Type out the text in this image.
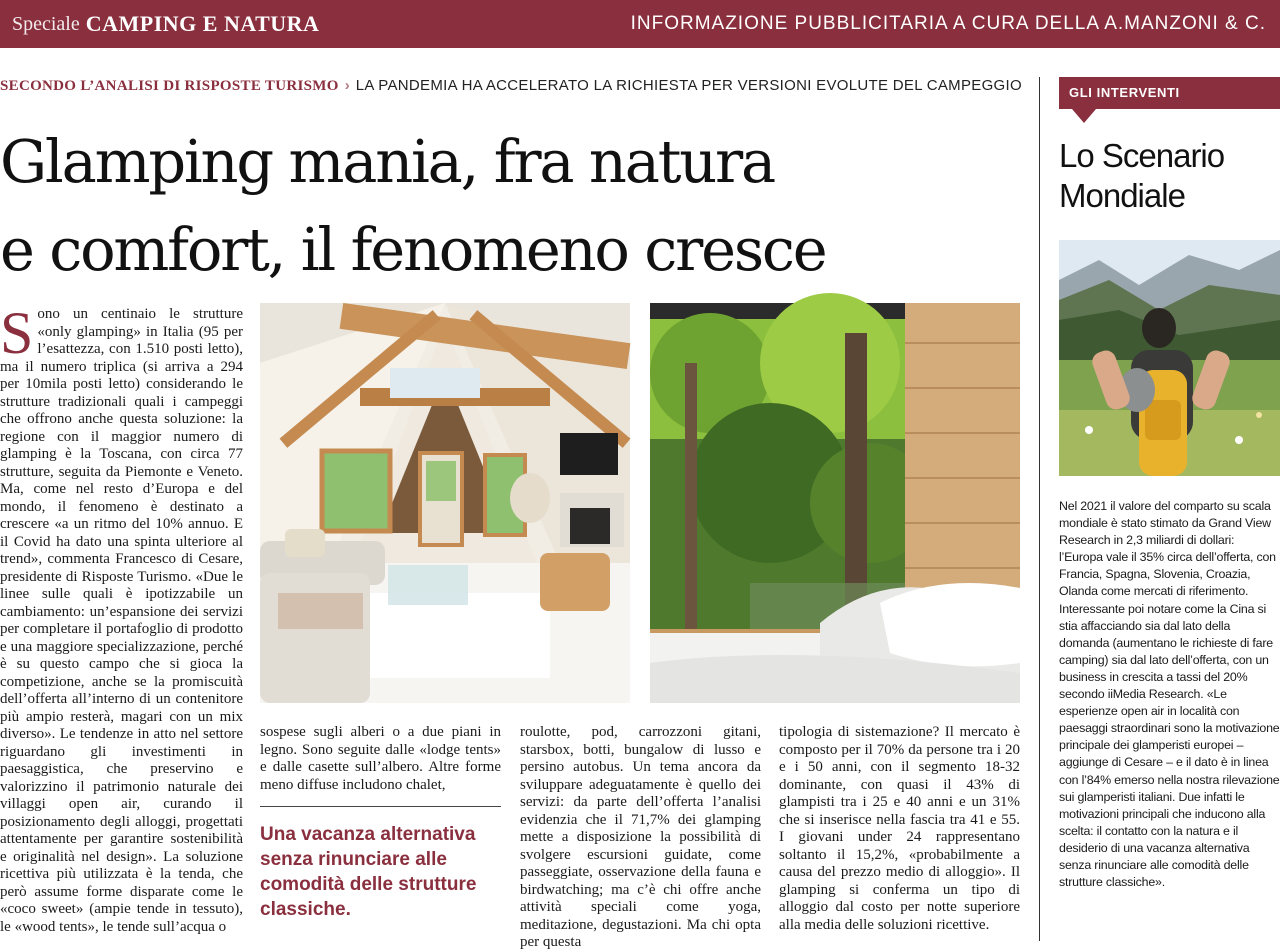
Speciale CAMPING E NATURA	INFORMAZIONE PUBBLICITARIA A CURA DELLA A.MANZONI & C.
SECONDO L’ANALISI DI RISPOSTE TURISMO › LA PANDEMIA HA ACCELERATO LA RICHIESTA PER VERSIONI EVOLUTE DEL CAMPEGGIO
Glamping mania, fra natura
e comfort, il fenomeno cresce
S ono un centinaio le strutture «only glamping» in Italia (95 per l’esattezza, con 1.510 posti letto), ma il numero triplica (si arriva a 294 per 10mila posti letto) considerando le strutture tradizionali quali i campeggi che offrono anche questa soluzione: la regione con il maggior numero di glamping è la Toscana, con circa 77 strutture, seguita da Piemonte e Veneto. Ma, come nel resto d’Europa e del mondo, il fenomeno è destinato a crescere «a un ritmo del 10% annuo. E il Covid ha dato una spinta ulteriore al trend», commenta Francesco di Cesare, presidente di Risposte Turismo. «Due le linee sulle quali è ipotizzabile un cambiamento: un’espansione dei servizi per completare il portafoglio di prodotto e una maggiore specializzazione, perché è su questo campo che si gioca la competizione, anche se la promiscuità dell’offerta all’interno di un contenitore più ampio resterà, magari con un mix diverso». Le tendenze in atto nel settore riguardano gli investimenti in paesaggistica, che preservino e valorizzino il patrimonio naturale dei villaggi open air, curando il posizionamento degli alloggi, progettati attentamente per garantire sostenibilità e originalità nel design». La soluzione ricettiva più utilizzata è la tenda, che però assume forme disparate come le «coco sweet» (ampie tende in tessuto), le «wood tents», le tende sull’acqua o

sospese sugli alberi o a due piani in legno. Sono seguite dalle «lodge tents» e dalle casette sull’albero. Altre forme meno diffuse includono chalet,

Una vacanza alternativa senza rinunciare alle comodità delle strutture classiche.

roulotte, pod, carrozzoni gitani, starsbox, botti, bungalow di lusso e persino autobus. Un tema ancora da sviluppare adeguatamente è quello dei servizi: da parte dell’offerta l’analisi evidenzia che il 71,7% dei glamping mette a disposizione la possibilità di svolgere escursioni guidate, come passeggiate, osservazione della fauna e birdwatching; ma c’è chi offre anche attività speciali come yoga, meditazione, degustazioni. Ma chi opta per questa

tipologia di sistemazione? Il mercato è composto per il 70% da persone tra i 20 e i 50 anni, con il segmento 18-32 dominante, con quasi il 43% di glampisti tra i 25 e 40 anni e un 31% che si inserisce nella fascia tra 41 e 55. I giovani under 24 rappresentano soltanto il 15,2%, «probabilmente a causa del prezzo medio di alloggio». Il glamping si conferma un tipo di alloggio dal costo per notte superiore alla media delle soluzioni ricettive.

GLI INTERVENTI
Lo Scenario
Mondiale

Nel 2021 il valore del comparto su scala mondiale è stato stimato da Grand View Research in 2,3 miliardi di dollari: l’Europa vale il 35% circa dell’offerta, con Francia, Spagna, Slovenia, Croazia, Olanda come mercati di riferimento. Interessante poi notare come la Cina si stia affacciando sia dal lato della domanda (aumentano le richieste di fare camping) sia dal lato dell’offerta, con un business in crescita a tassi del 20% secondo iiMedia Research. «Le esperienze open air in località con paesaggi straordinari sono la motivazione principale dei glamperisti europei – aggiunge di Cesare – e il dato è in linea con l’84% emerso nella nostra rilevazione sui glamperisti italiani. Due infatti le motivazioni principali che inducono alla scelta: il contatto con la natura e il desiderio di una vacanza alternativa senza rinunciare alle comodità delle strutture classiche».
